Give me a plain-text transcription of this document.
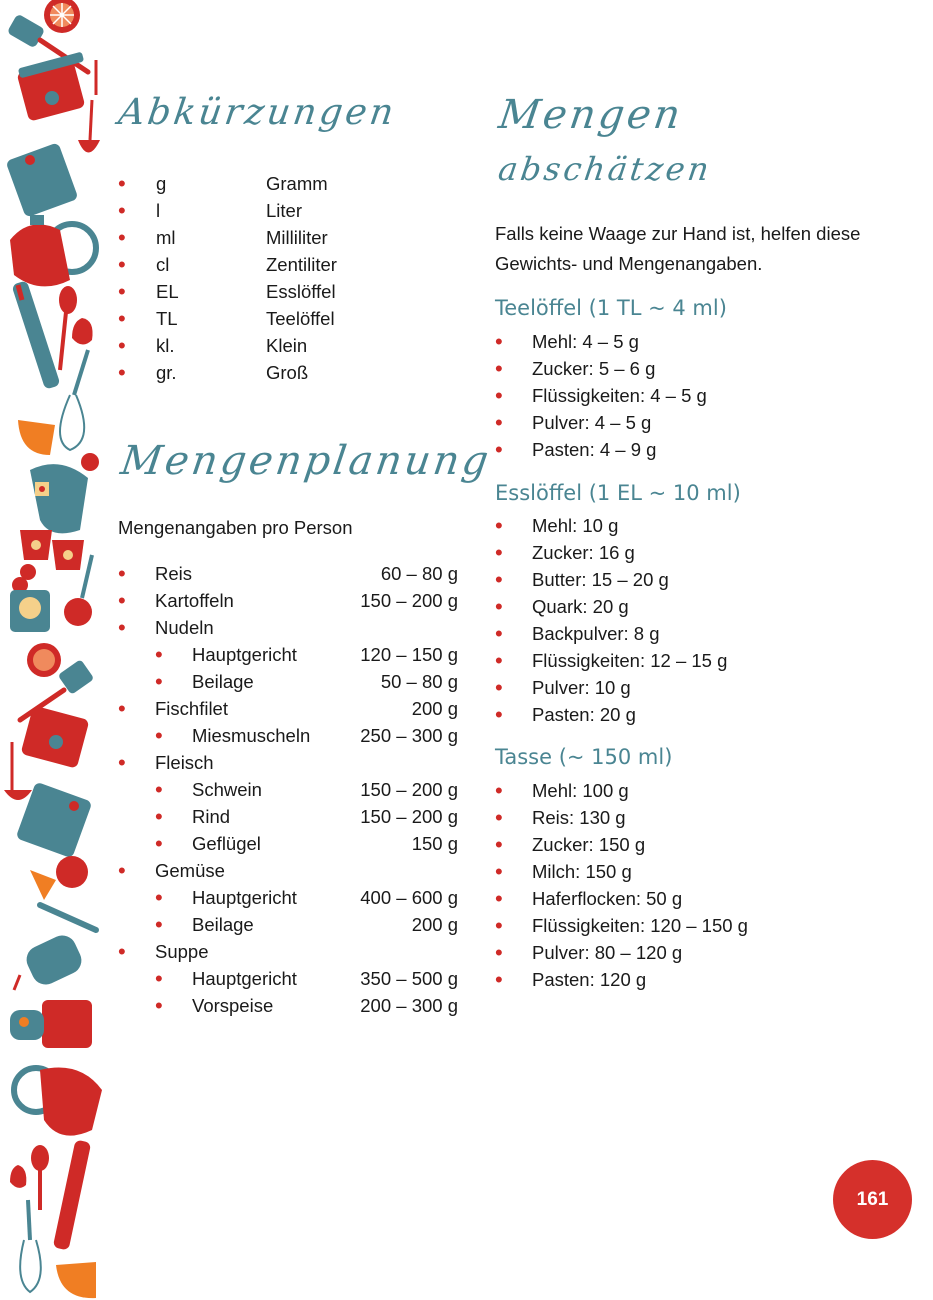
Abkürzungen
• g	Gramm
• l	Liter
• ml	Milliliter
• cl	Zentiliter
• EL	Esslöffel
• TL	Teelöffel
• kl.	Klein
• gr.	Groß
Mengenplanung
Mengenangaben pro Person
• Reis	60 – 80 g
• Kartoffeln	150 – 200 g
• Nudeln
• Hauptgericht	120 – 150 g
• Beilage	50 – 80 g
• Fischfilet	200 g
• Miesmuscheln	250 – 300 g
• Fleisch
• Schwein	150 – 200 g
• Rind	150 – 200 g
• Geflügel	150 g
• Gemüse
• Hauptgericht	400 – 600 g
• Beilage	200 g
• Suppe
• Hauptgericht	350 – 500 g
• Vorspeise	200 – 300 g
Mengen
abschätzen
Falls keine Waage zur Hand ist, helfen diese
Gewichts- und Mengenangaben.
Teelöffel (1 TL ~ 4 ml)
• Mehl: 4 – 5 g
• Zucker: 5 – 6 g
• Flüssigkeiten: 4 – 5 g
• Pulver: 4 – 5 g
• Pasten: 4 – 9 g
Esslöffel (1 EL ~ 10 ml)
• Mehl: 10 g
• Zucker: 16 g
• Butter: 15 – 20 g
• Quark: 20 g
• Backpulver: 8 g
• Flüssigkeiten: 12 – 15 g
• Pulver: 10 g
• Pasten: 20 g
Tasse (~ 150 ml)
• Mehl: 100 g
• Reis: 130 g
• Zucker: 150 g
• Milch: 150 g
• Haferflocken: 50 g
• Flüssigkeiten: 120 – 150 g
• Pulver: 80 – 120 g
• Pasten: 120 g
161
